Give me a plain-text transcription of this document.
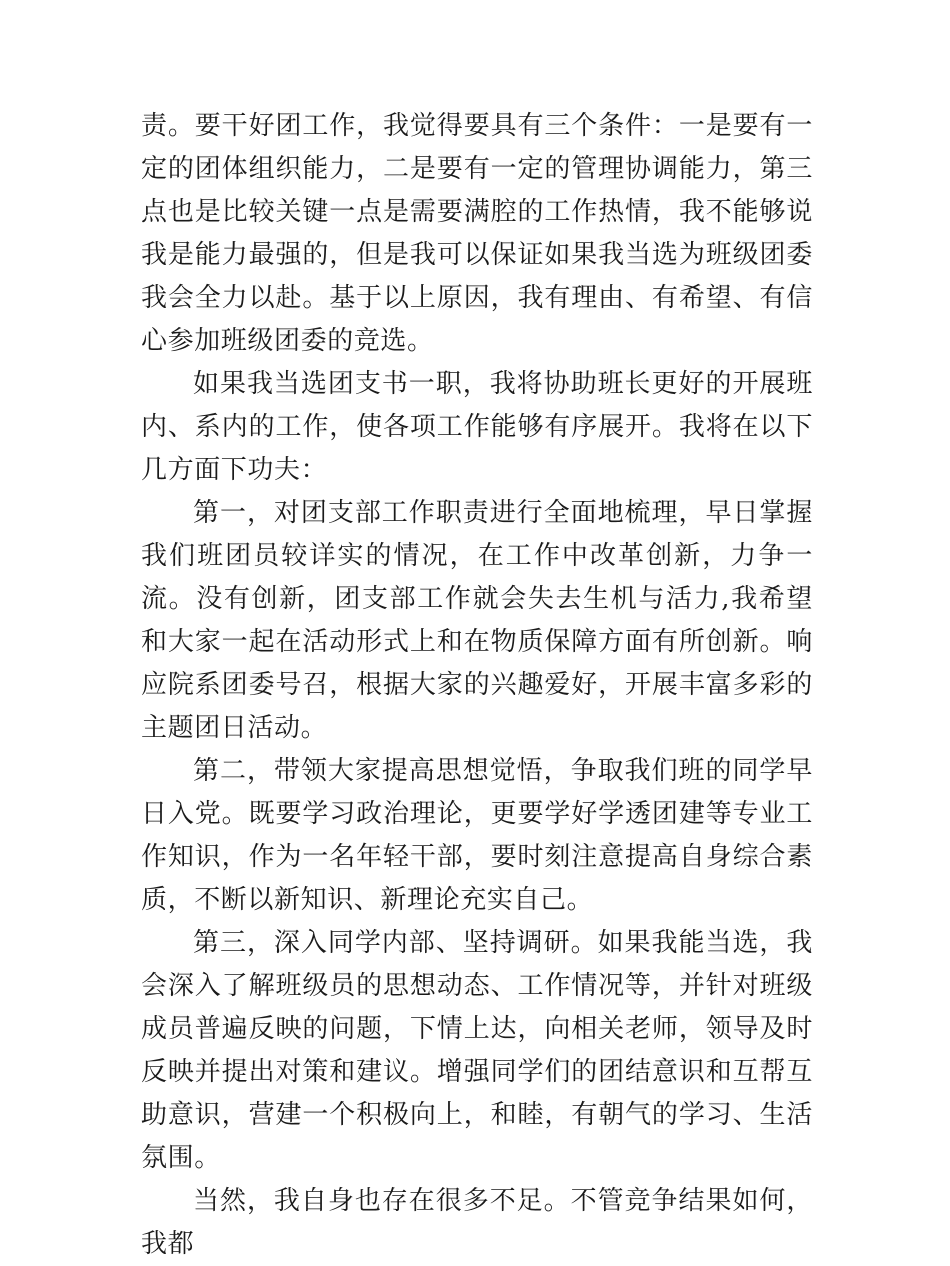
责。要干好团工作，我觉得要具有三个条件：一是要有一定的团体组织能力，二是要有一定的管理协调能力，第三点也是比较关键一点是需要满腔的工作热情，我不能够说我是能力最强的，但是我可以保证如果我当选为班级团委我会全力以赴。基于以上原因，我有理由、有希望、有信心参加班级团委的竞选。

如果我当选团支书一职，我将协助班长更好的开展班内、系内的工作，使各项工作能够有序展开。我将在以下几方面下功夫：

第一，对团支部工作职责进行全面地梳理，早日掌握我们班团员较详实的情况，在工作中改革创新，力争一流。没有创新，团支部工作就会失去生机与活力,我希望和大家一起在活动形式上和在物质保障方面有所创新。响应院系团委号召，根据大家的兴趣爱好，开展丰富多彩的主题团日活动。

第二，带领大家提高思想觉悟，争取我们班的同学早日入党。既要学习政治理论，更要学好学透团建等专业工作知识，作为一名年轻干部，要时刻注意提高自身综合素质，不断以新知识、新理论充实自己。

第三，深入同学内部、坚持调研。如果我能当选，我会深入了解班级员的思想动态、工作情况等，并针对班级成员普遍反映的问题，下情上达，向相关老师，领导及时反映并提出对策和建议。增强同学们的团结意识和互帮互助意识，营建一个积极向上，和睦，有朝气的学习、生活氛围。

当然，我自身也存在很多不足。不管竞争结果如何，我都
